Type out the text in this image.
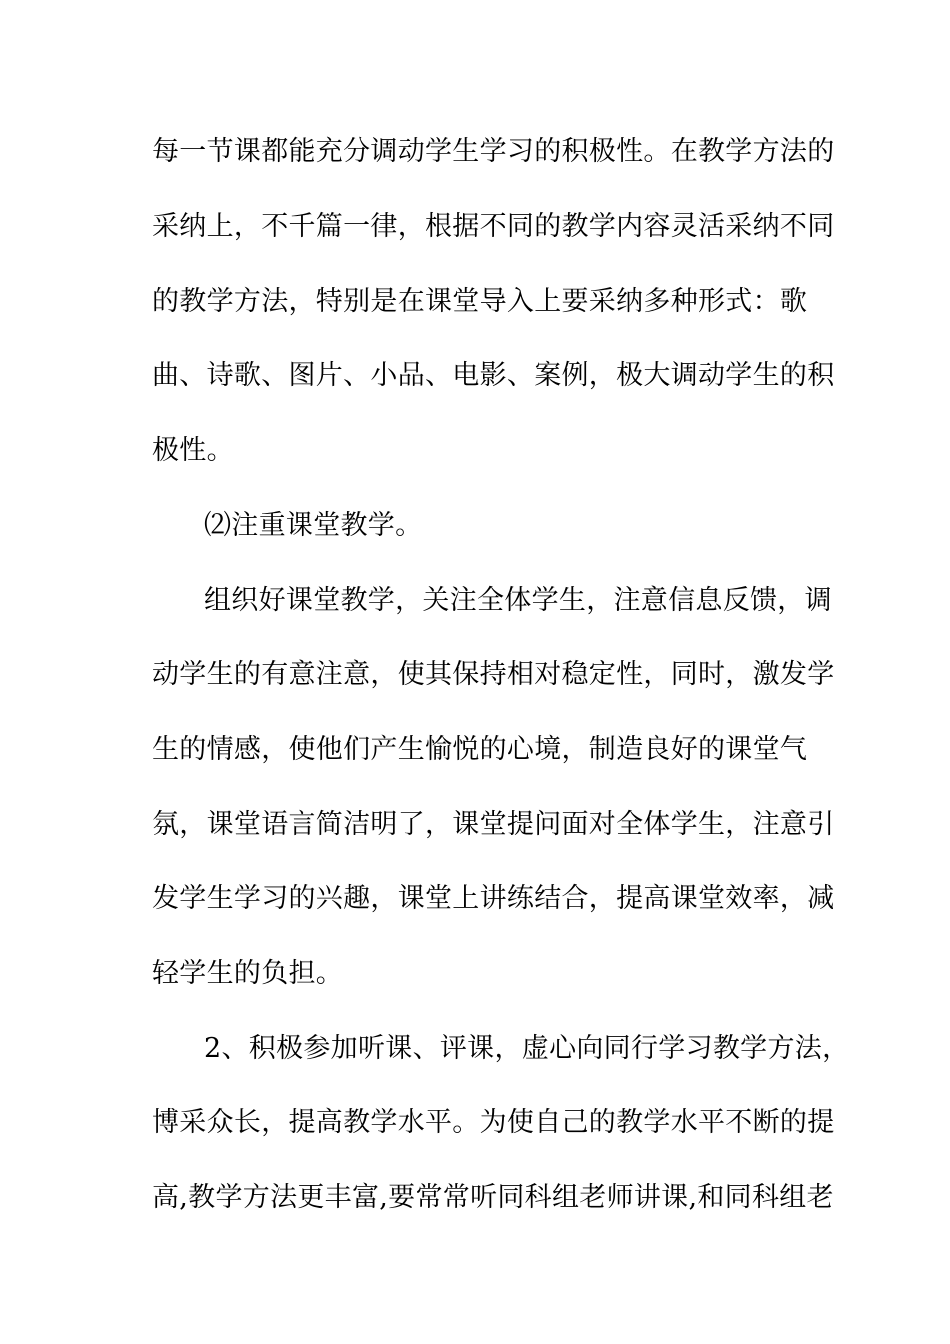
每一节课都能充分调动学生学习的积极性。在教学方法的
采纳上，不千篇一律，根据不同的教学内容灵活采纳不同
的教学方法，特别是在课堂导入上要采纳多种形式：歌
曲、诗歌、图片、小品、电影、案例，极大调动学生的积
极性。
⑵注重课堂教学。
组织好课堂教学，关注全体学生，注意信息反馈，调
动学生的有意注意，使其保持相对稳定性，同时，激发学
生的情感，使他们产生愉悦的心境，制造良好的课堂气
氛，课堂语言简洁明了，课堂提问面对全体学生，注意引
发学生学习的兴趣，课堂上讲练结合，提高课堂效率，减
轻学生的负担。
2、积极参加听课、评课，虚心向同行学习教学方法，
博采众长，提高教学水平。为使自己的教学水平不断的提
高,教学方法更丰富,要常常听同科组老师讲课,和同科组老
